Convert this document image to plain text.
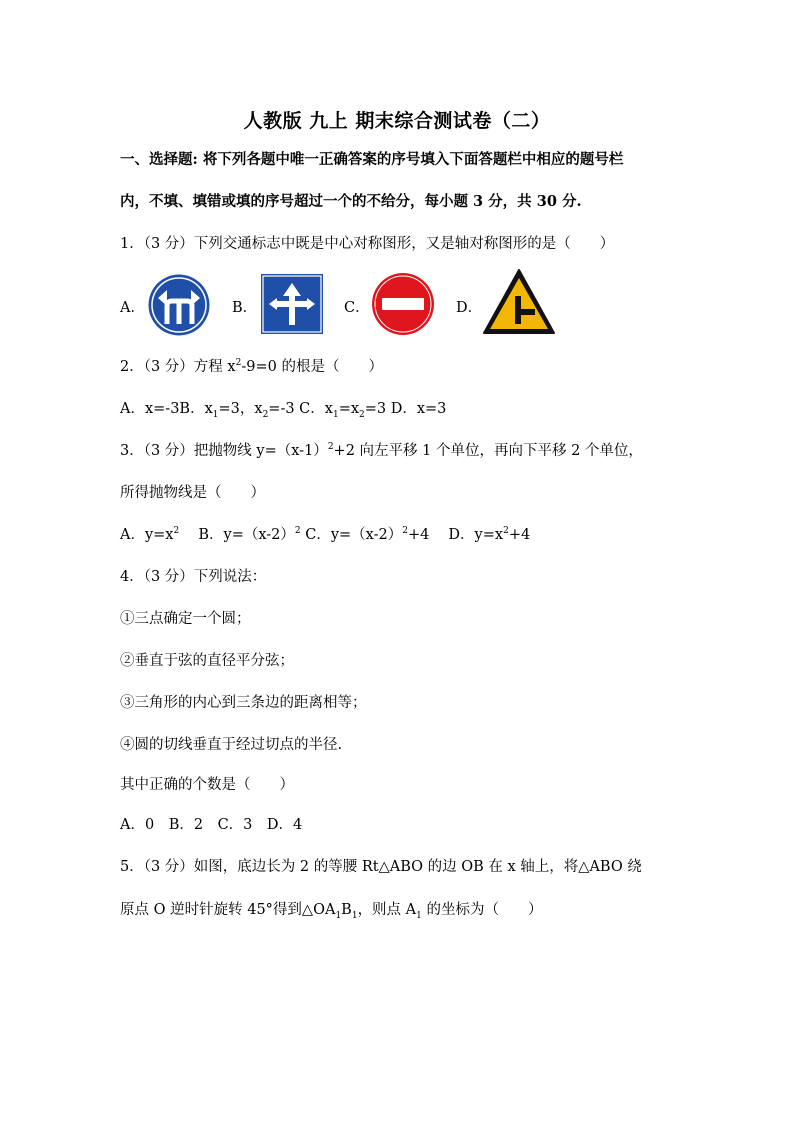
人教版 九上 期末综合测试卷（二）
一、选择题: 将下列各题中唯一正确答案的序号填入下面答题栏中相应的题号栏
内，不填、填错或填的序号超过一个的不给分，每小题 3 分，共 30 分.
1．（3 分）下列交通标志中既是中心对称图形，又是轴对称图形的是（　　）
A．	B．	C．	D．
2．（3 分）方程 $x^2-9=0$ 的根是（　　）
A．x=-3B．$x_1=3$，$x_2=-3$ C．$x_1=x_2=3$ D．x=3
3．（3 分）把抛物线 $y=(x-1)^2+2$ 向左平移 1 个单位，再向下平移 2 个单位，
所得抛物线是（　　）
A．$y=x^2$　 B．$y=(x-2)^2$ C．$y=(x-2)^2+4$　 D．$y=x^2+4$
4．（3 分）下列说法：
①三点确定一个圆；
②垂直于弦的直径平分弦；
③三角形的内心到三条边的距离相等；
④圆的切线垂直于经过切点的半径.
其中正确的个数是（　　）
A．0　B．2　C．3　D．4
5．（3 分）如图，底边长为 2 的等腰 Rt△ABO 的边 OB 在 x 轴上，将△ABO 绕
原点 O 逆时针旋转 45°得到$\triangle OA_1B_1$，则点 $A_1$ 的坐标为（　　）
